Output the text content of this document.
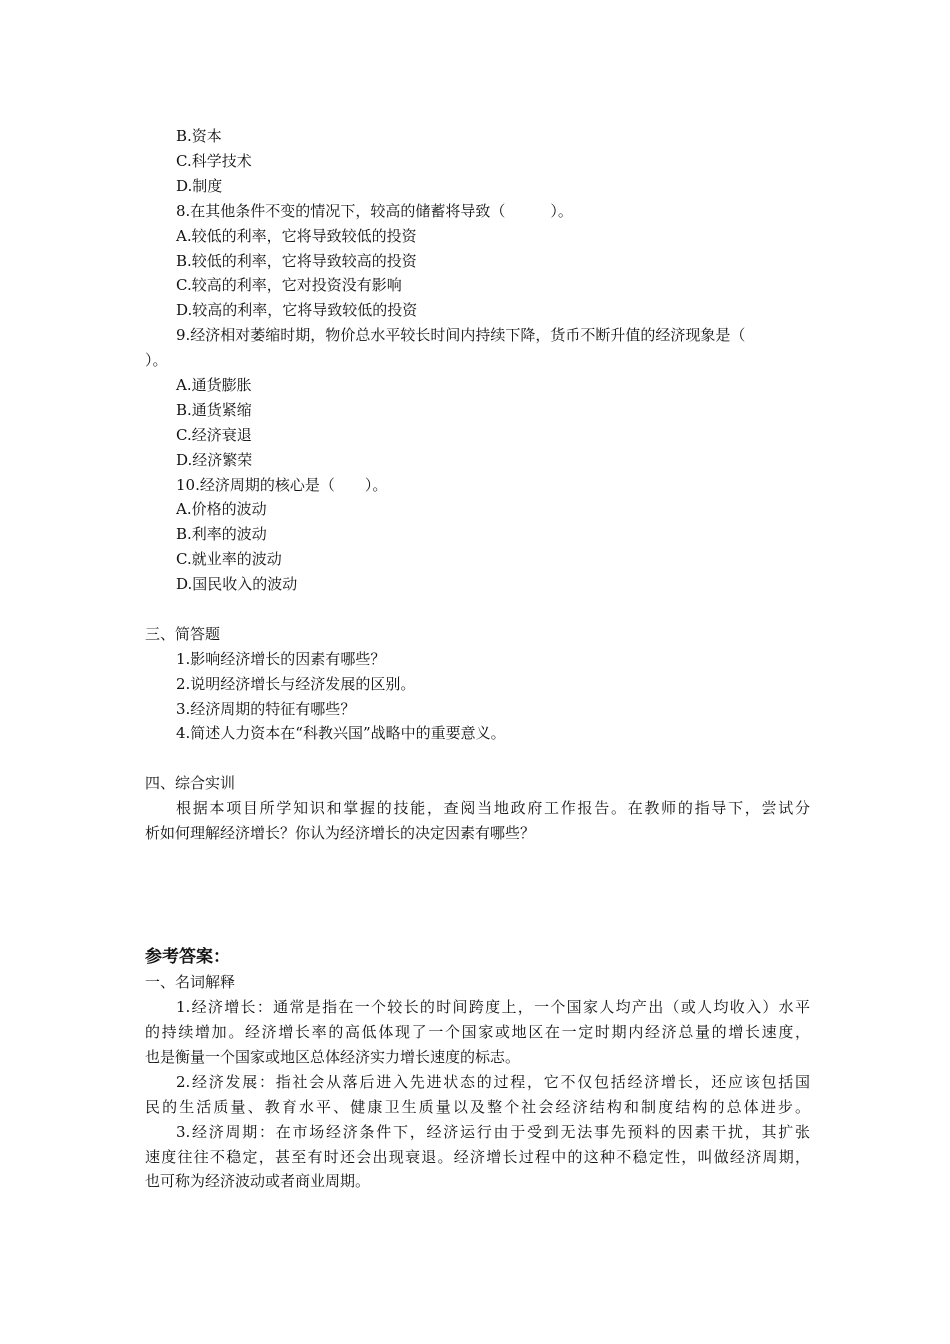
B.资本
C.科学技术
D.制度
8.在其他条件不变的情况下，较高的储蓄将导致（　　　）。
A.较低的利率，它将导致较低的投资
B.较低的利率，它将导致较高的投资
C.较高的利率，它对投资没有影响
D.较高的利率，它将导致较低的投资
9.经济相对萎缩时期，物价总水平较长时间内持续下降，货币不断升值的经济现象是（
）。
A.通货膨胀
B.通货紧缩
C.经济衰退
D.经济繁荣
10.经济周期的核心是（　　）。
A.价格的波动
B.利率的波动
C.就业率的波动
D.国民收入的波动
三、简答题
1.影响经济增长的因素有哪些？
2.说明经济增长与经济发展的区别。
3.经济周期的特征有哪些？
4.简述人力资本在“科教兴国”战略中的重要意义。
四、综合实训
根据本项目所学知识和掌握的技能，查阅当地政府工作报告。在教师的指导下，尝试分
析如何理解经济增长？你认为经济增长的决定因素有哪些？
参考答案：
一、名词解释
1.经济增长：通常是指在一个较长的时间跨度上，一个国家人均产出（或人均收入）水平
的持续增加。经济增长率的高低体现了一个国家或地区在一定时期内经济总量的增长速度，
也是衡量一个国家或地区总体经济实力增长速度的标志。
2.经济发展：指社会从落后进入先进状态的过程，它不仅包括经济增长，还应该包括国
民的生活质量、教育水平、健康卫生质量以及整个社会经济结构和制度结构的总体进步。
3.经济周期：在市场经济条件下，经济运行由于受到无法事先预料的因素干扰，其扩张
速度往往不稳定，甚至有时还会出现衰退。经济增长过程中的这种不稳定性，叫做经济周期，
也可称为经济波动或者商业周期。
